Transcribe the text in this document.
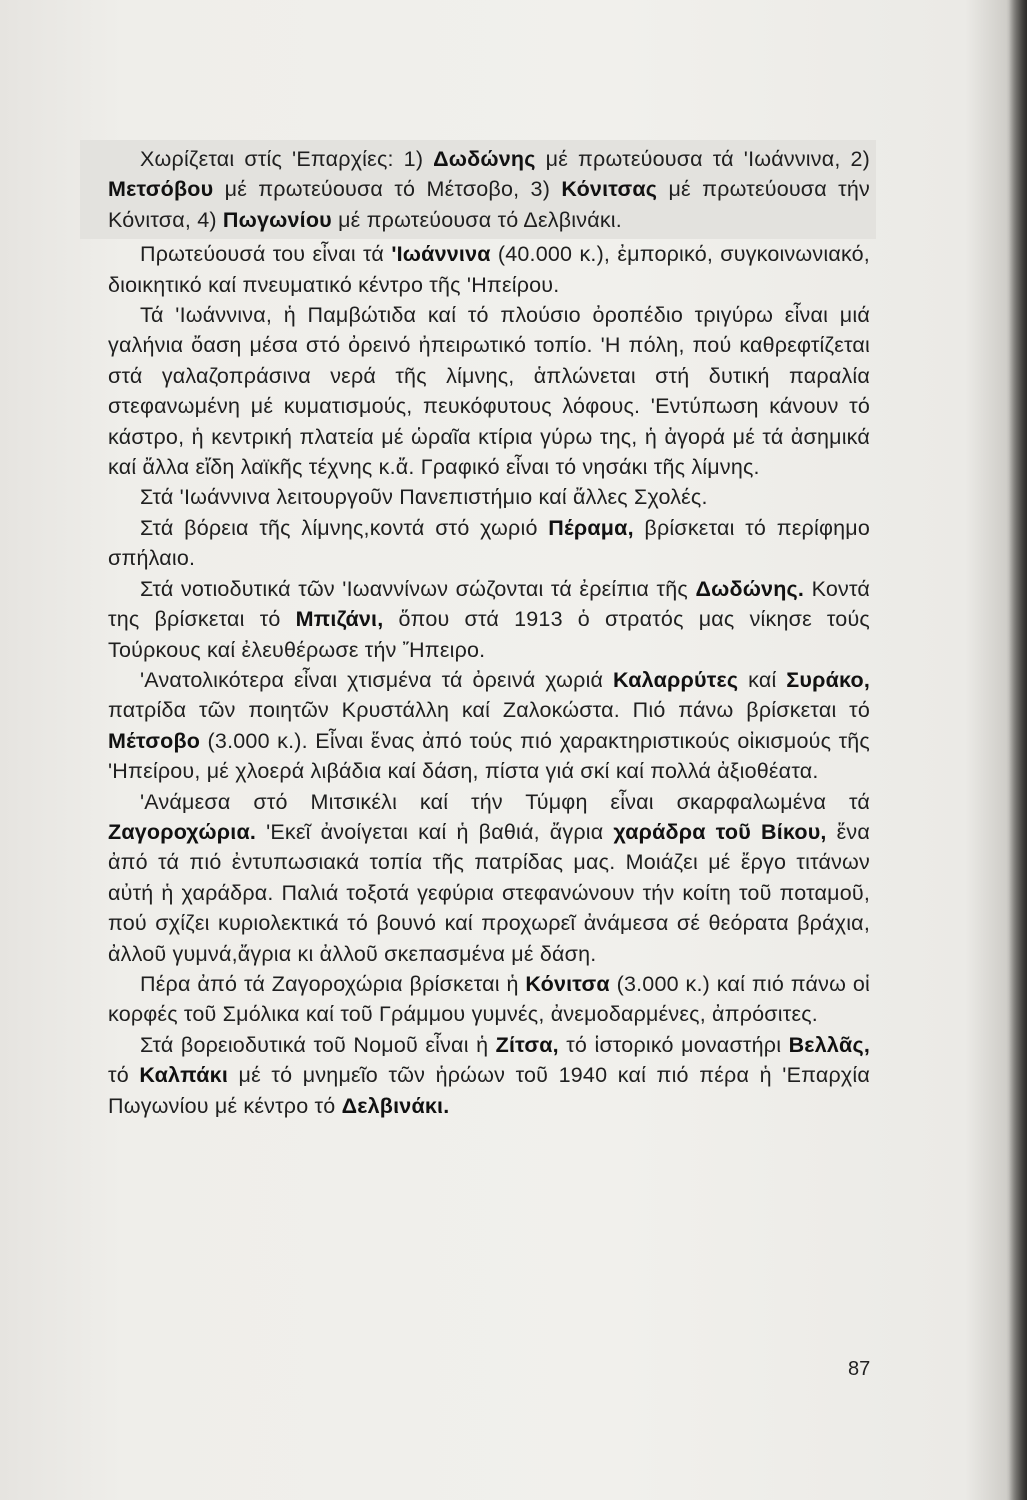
Χωρίζεται στίς 'Επαρχίες: 1) Δωδώνης μέ πρωτεύουσα τά 'Ιωάννινα, 2) Μετσόβου μέ πρωτεύουσα τό Μέτσοβο, 3) Κόνιτσας μέ πρωτεύουσα τήν Κόνιτσα, 4) Πωγωνίου μέ πρωτεύουσα τό Δελβινάκι.

Πρωτεύουσά του εἶναι τά 'Ιωάννινα (40.000 κ.), ἐμπορικό, συγκοινωνιακό, διοικητικό καί πνευματικό κέντρο τῆς 'Ηπείρου.

Τά 'Ιωάννινα, ἡ Παμβώτιδα καί τό πλούσιο ὀροπέδιο τριγύρω εἶναι μιά γαλήνια ὄαση μέσα στό ὀρεινό ἠπειρωτικό τοπίο. 'Η πόλη, πού καθρεφτίζεται στά γαλαζοπράσινα νερά τῆς λίμνης, ἁπλώνεται στή δυτική παραλία στεφανωμένη μέ κυματισμούς, πευκόφυτους λόφους. 'Εντύπωση κάνουν τό κάστρο, ἡ κεντρική πλατεία μέ ὡραῖα κτίρια γύρω της, ἡ ἀγορά μέ τά ἀσημικά καί ἄλλα εἴδη λαϊκῆς τέχνης κ.ἄ. Γραφικό εἶναι τό νησάκι τῆς λίμνης.

Στά 'Ιωάννινα λειτουργοῦν Πανεπιστήμιο καί ἄλλες Σχολές.

Στά βόρεια τῆς λίμνης,κοντά στό χωριό Πέραμα, βρίσκεται τό περίφημο σπήλαιο.

Στά νοτιοδυτικά τῶν 'Ιωαννίνων σώζονται τά ἐρείπια τῆς Δωδώνης. Κοντά της βρίσκεται τό Μπιζάνι, ὅπου στά 1913 ὁ στρατός μας νίκησε τούς Τούρκους καί ἐλευθέρωσε τήν Ἤπειρο.

'Ανατολικότερα εἶναι χτισμένα τά ὀρεινά χωριά Καλαρρύτες καί Συράκο, πατρίδα τῶν ποιητῶν Κρυστάλλη καί Ζαλοκώστα. Πιό πάνω βρίσκεται τό Μέτσοβο (3.000 κ.). Εἶναι ἕνας ἀπό τούς πιό χαρακτηριστικούς οἰκισμούς τῆς 'Ηπείρου, μέ χλοερά λιβάδια καί δάση, πίστα γιά σκί καί πολλά ἀξιοθέατα.

'Ανάμεσα στό Μιτσικέλι καί τήν Τύμφη εἶναι σκαρφαλωμένα τά Ζαγοροχώρια. 'Εκεῖ ἀνοίγεται καί ἡ βαθιά, ἄγρια χαράδρα τοῦ Βίκου, ἕνα ἀπό τά πιό ἐντυπωσιακά τοπία τῆς πατρίδας μας. Μοιάζει μέ ἔργο τιτάνων αὐτή ἡ χαράδρα. Παλιά τοξοτά γεφύρια στεφανώνουν τήν κοίτη τοῦ ποταμοῦ, πού σχίζει κυριολεκτικά τό βουνό καί προχωρεῖ ἀνάμεσα σέ θεόρατα βράχια, ἀλλοῦ γυμνά,ἄγρια κι ἀλλοῦ σκεπασμένα μέ δάση.

Πέρα ἀπό τά Ζαγοροχώρια βρίσκεται ἡ Κόνιτσα (3.000 κ.) καί πιό πάνω οἱ κορφές τοῦ Σμόλικα καί τοῦ Γράμμου γυμνές, ἀνεμοδαρμένες, ἀπρόσιτες.

Στά βορειοδυτικά τοῦ Νομοῦ εἶναι ἡ Ζίτσα, τό ἱστορικό μοναστήρι Βελλᾶς, τό Καλπάκι μέ τό μνημεῖο τῶν ἡρώων τοῦ 1940 καί πιό πέρα ἡ 'Επαρχία Πωγωνίου μέ κέντρο τό Δελβινάκι.

87
